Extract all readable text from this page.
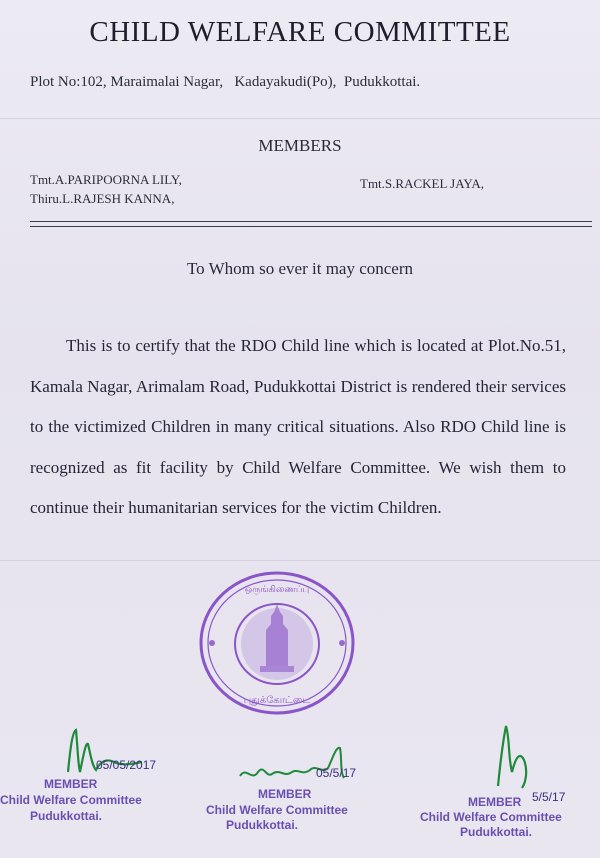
CHILD WELFARE COMMITTEE
Plot No:102, Maraimalai Nagar,   Kadayakudi(Po),  Pudukkottai.
MEMBERS
Tmt.A.PARIPOORNA LILY,
Thiru.L.RAJESH KANNA,
Tmt.S.RACKEL JAYA,
To Whom so ever it may concern
This is to certify that the RDO Child line which is located at Plot.No.51, Kamala Nagar, Arimalam Road, Pudukkottai District is rendered their services to the victimized Children in many critical situations. Also RDO Child line is recognized as fit facility by Child Welfare Committee. We wish them to continue their humanitarian services for the victim Children.
ஒருங்கிணைப்பு
புதுக்கோட்டை
05/05/2017
MEMBER
Child Welfare Committee
Pudukkottai.
05/5/17
MEMBER
Child Welfare Committee
Pudukkottai.
5/5/17
MEMBER
Child Welfare Committee
Pudukkottai.
